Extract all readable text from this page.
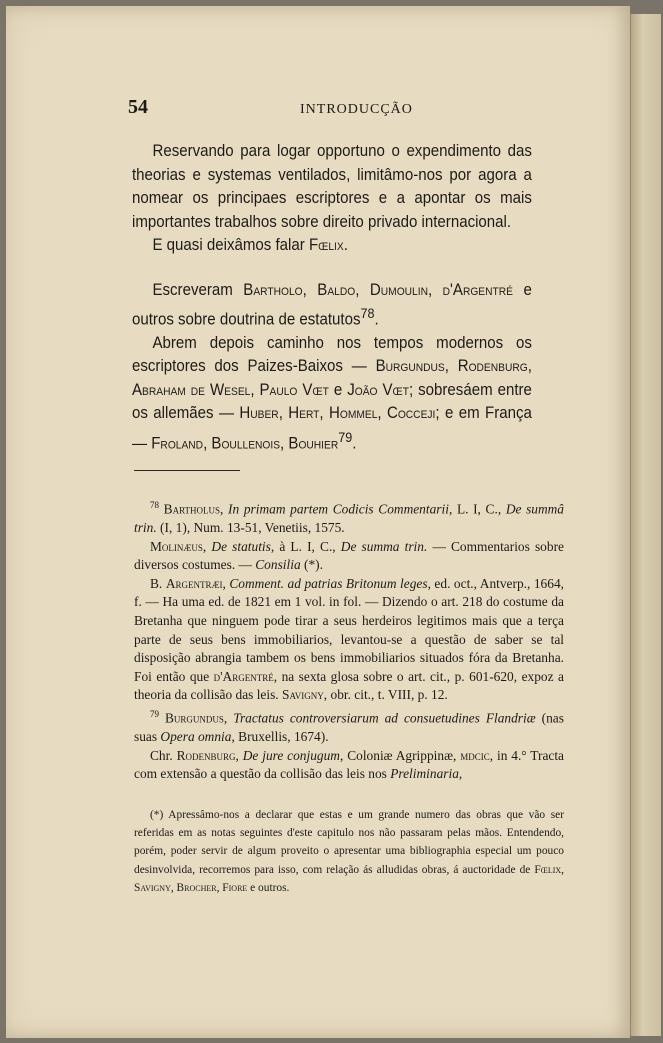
54	INTRODUCÇÃO

Reservando para logar opportuno o expendimento das theorias e systemas ventilados, limitâmo-nos por agora a nomear os principaes escriptores e a apontar os mais importantes trabalhos sobre direito privado internacional.

E quasi deixâmos falar Fœlix.

Escreveram Bartholo, Baldo, Dumoulin, d'Argentré e outros sobre doutrina de estatutos$^{78}$.

Abrem depois caminho nos tempos modernos os escriptores dos Paizes-Baixos — Burgundus, Rodenburg, Abraham de Wesel, Paulo Vœt e João Vœt; sobresáem entre os allemães — Huber, Hert, Hommel, Cocceji; e em França — Froland, Boullenois, Bouhier$^{79}$.

$^{78}$ Bartholus, In primam partem Codicis Commentarii, L. I, C., De summâ trin. (I, 1), Num. 13-51, Venetiis, 1575.

Molinæus, De statutis, à L. I, C., De summa trin. — Commentarios sobre diversos costumes. — Consilia (*).

B. Argentræi, Comment. ad patrias Britonum leges, ed. oct., Antverp., 1664, f. — Ha uma ed. de 1821 em 1 vol. in fol. — Dizendo o art. 218 do costume da Bretanha que ninguem pode tirar a seus herdeiros legitimos mais que a terça parte de seus bens immobiliarios, levantou-se a questão de saber se tal disposição abrangia tambem os bens immobiliarios situados fóra da Bretanha. Foi então que d'Argentré, na sexta glosa sobre o art. cit., p. 601-620, expoz a theoria da collisão das leis. Savigny, obr. cit., t. VIII, p. 12.

$^{79}$ Burgundus, Tractatus controversiarum ad consuetudines Flandriæ (nas suas Opera omnia, Bruxellis, 1674).

Chr. Rodenburg, De jure conjugum, Coloniæ Agrippinæ, mdcic, in 4.° Tracta com extensão a questão da collisão das leis nos Preliminaria,

(*) Apressâmo-nos a declarar que estas e um grande numero das obras que vão ser referidas em as notas seguintes d'este capitulo nos não passaram pelas mãos. Entendendo, porém, poder servir de algum proveito o apresentar uma bibliographia especial um pouco desinvolvida, recorremos para isso, com relação ás alludidas obras, á auctoridade de Fœlix, Savigny, Brocher, Fiore e outros.
